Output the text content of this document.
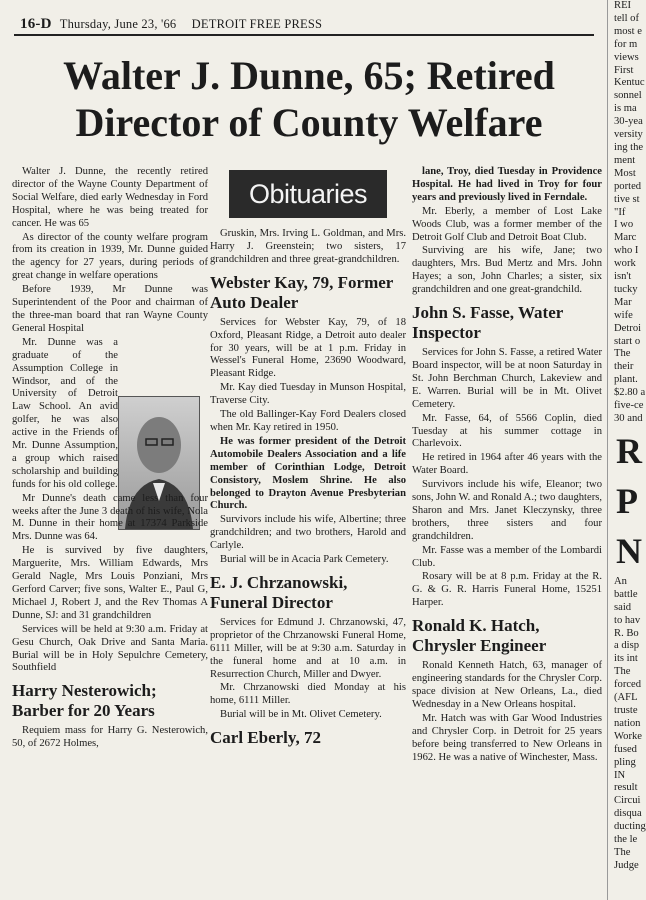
16-D Thursday, June 23, '66 DETROIT FREE PRESS
Walter J. Dunne, 65; Retired Director of County Welfare

Walter J. Dunne, the recently retired director of the Wayne County Department of Social Welfare, died early Wednesday in Ford Hospital, where he was being treated for cancer. He was 65

As director of the county welfare program from its creation in 1939, Mr. Dunne guided the agency for 27 years, during periods of great change in welfare operations

Before 1939, Mr Dunne was Superintendent of the Poor and chairman of the three-man board that ran Wayne County General Hospital

Mr. Dunne was a graduate of the Assumption College in Windsor, and of the University of Detroit Law School. An avid golfer, he was also active in the Friends of Mr. Dunne Assumption, a group which raised scholarship and building funds for his old college.

Mr Dunne's death came less than four weeks after the June 3 death of his wife, Nola M. Dunne in their home at 17374 Parkside Mrs. Dunne was 64.

He is survived by five daughters, Marguerite, Mrs. William Edwards, Mrs Gerald Nagle, Mrs Louis Ponziani, Mrs Gerford Carver; five sons, Walter E., Paul G, Michael J, Robert J, and the Rev Thomas A Dunne, SJ: and 31 grandchildren

Services will be held at 9:30 a.m. Friday at Gesu Church, Oak Drive and Santa Maria. Burial will be in Holy Sepulchre Cemetery, Southfield

Harry Nesterowich; Barber for 20 Years

Requiem mass for Harry G. Nesterowich, 50, of 2672 Holmes,

Obituaries

Gruskin, Mrs. Irving L. Goldman, and Mrs. Harry J. Greenstein; two sisters, 17 grandchildren and three great-grandchildren.

Webster Kay, 79, Former Auto Dealer

Services for Webster Kay, 79, of 18 Oxford, Pleasant Ridge, a Detroit auto dealer for 30 years, will be at 1 p.m. Friday in Wessel's Funeral Home, 23690 Woodward, Pleasant Ridge.

Mr. Kay died Tuesday in Munson Hospital, Traverse City.

The old Ballinger-Kay Ford Dealers closed when Mr. Kay retired in 1950.

He was former president of the Detroit Automobile Dealers Association and a life member of Corinthian Lodge, Detroit Consistory, Moslem Shrine. He also belonged to Drayton Avenue Presbyterian Church.

Survivors include his wife, Albertine; three grandchildren; and two brothers, Harold and Carlyle.

Burial will be in Acacia Park Cemetery.

E. J. Chrzanowski, Funeral Director

Services for Edmund J. Chrzanowski, 47, proprietor of the Chrzanowski Funeral Home, 6111 Miller, will be at 9:30 a.m. Saturday in the funeral home and at 10 a.m. in Resurrection Church, Miller and Dwyer.

Mr. Chrzanowski died Monday at his home, 6111 Miller.

Burial will be in Mt. Olivet Cemetery.

Carl Eberly, 72

lane, Troy, died Tuesday in Providence Hospital. He had lived in Troy for four years and previously lived in Ferndale.

Mr. Eberly, a member of Lost Lake Woods Club, was a former member of the Detroit Golf Club and Detroit Boat Club.

Surviving are his wife, Jane; two daughters, Mrs. Bud Mertz and Mrs. John Hayes; a son, John Charles; a sister, six grandchildren and one great-grandchild.

John S. Fasse, Water Inspector

Services for John S. Fasse, a retired Water Board inspector, will be at noon Saturday in St. John Berchman Church, Lakeview and E. Warren. Burial will be in Mt. Olivet Cemetery.

Mr. Fasse, 64, of 5566 Coplin, died Tuesday at his summer cottage in Charlevoix.

He retired in 1964 after 46 years with the Water Board.

Survivors include his wife, Eleanor; two sons, John W. and Ronald A.; two daughters, Sharon and Mrs. Janet Kleczynsky, three brothers, three sisters and four grandchildren.

Mr. Fasse was a member of the Lombardi Club.

Rosary will be at 8 p.m. Friday at the R. G. & G. R. Harris Funeral Home, 15251 Harper.

Ronald K. Hatch, Chrysler Engineer

Ronald Kenneth Hatch, 63, manager of engineering standards for the Chrysler Corp. space division at New Orleans, La., died Wednesday in a New Orleans hospital.

Mr. Hatch was with Gar Wood Industries and Chrysler Corp. in Detroit for 25 years before being transferred to New Orleans in 1962. He was a native of Winchester, Mass.

REI
tell of
most e
for m
views
First
Kentuc
sonnel
is ma
30-yea
versity
ing the
ment
Most
ported
tive st
"If
I wo
Marc
who I
work
isn't
tucky
Mar
wife
Detroi
start o
The
their
plant.
$2.80 a
five-ce
30 and
R
P
N
An
battle
said
to hav
R. Bo
a disp
its int
The
forced
(AFL
truste
nation
Worke
fused
pling
IN
result
Circui
disqua
ducting
the le
The
Judge
